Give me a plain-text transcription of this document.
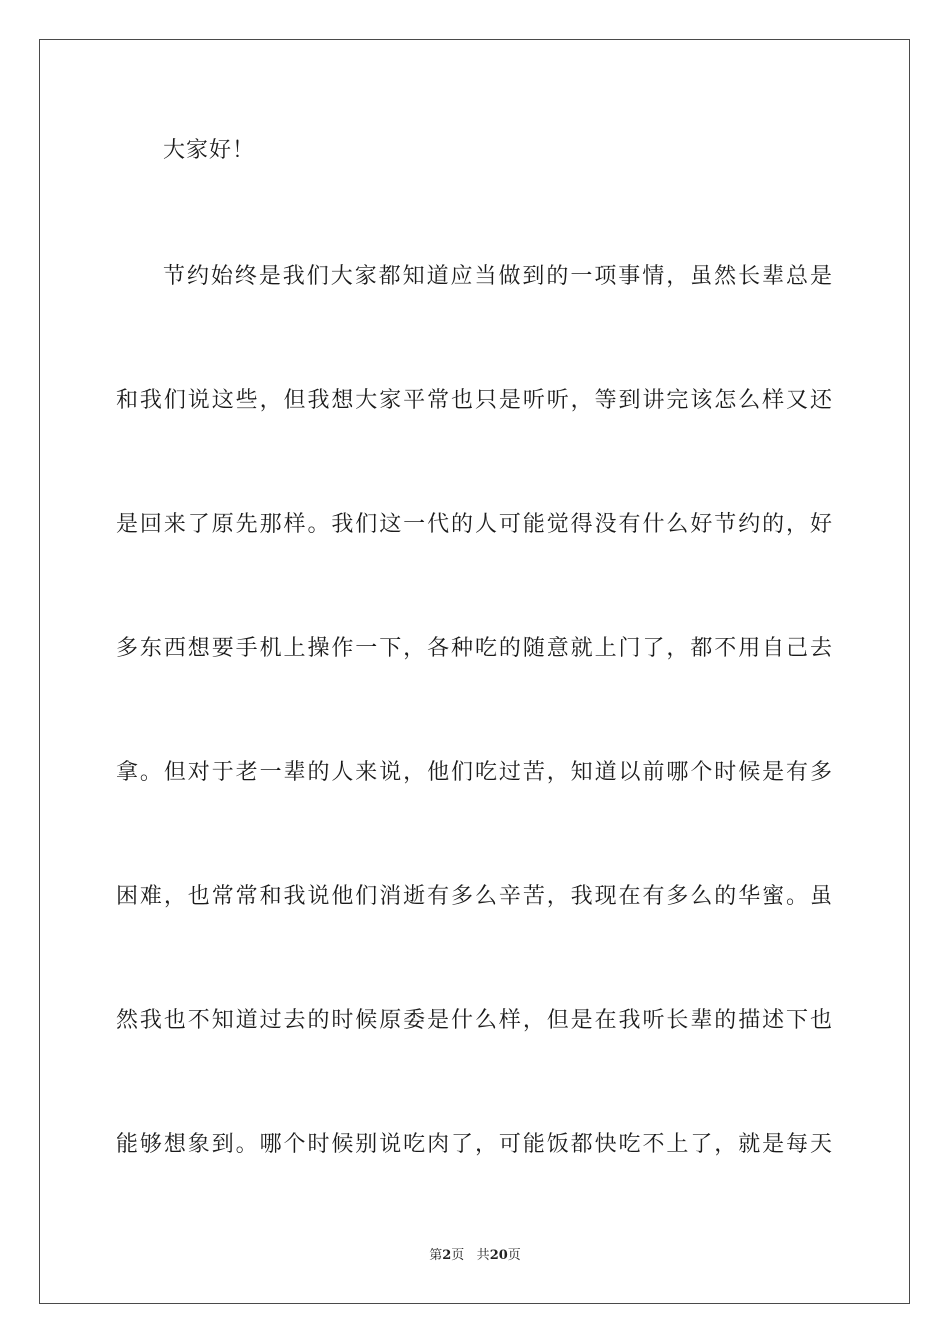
大家好！
节约始终是我们大家都知道应当做到的一项事情，虽然长辈总是
和我们说这些，但我想大家平常也只是听听，等到讲完该怎么样又还
是回来了原先那样。我们这一代的人可能觉得没有什么好节约的，好
多东西想要手机上操作一下，各种吃的随意就上门了，都不用自己去
拿。但对于老一辈的人来说，他们吃过苦，知道以前哪个时候是有多
困难，也常常和我说他们消逝有多么辛苦，我现在有多么的华蜜。虽
然我也不知道过去的时候原委是什么样，但是在我听长辈的描述下也
能够想象到。哪个时候别说吃肉了，可能饭都快吃不上了，就是每天
第2页 共20页
